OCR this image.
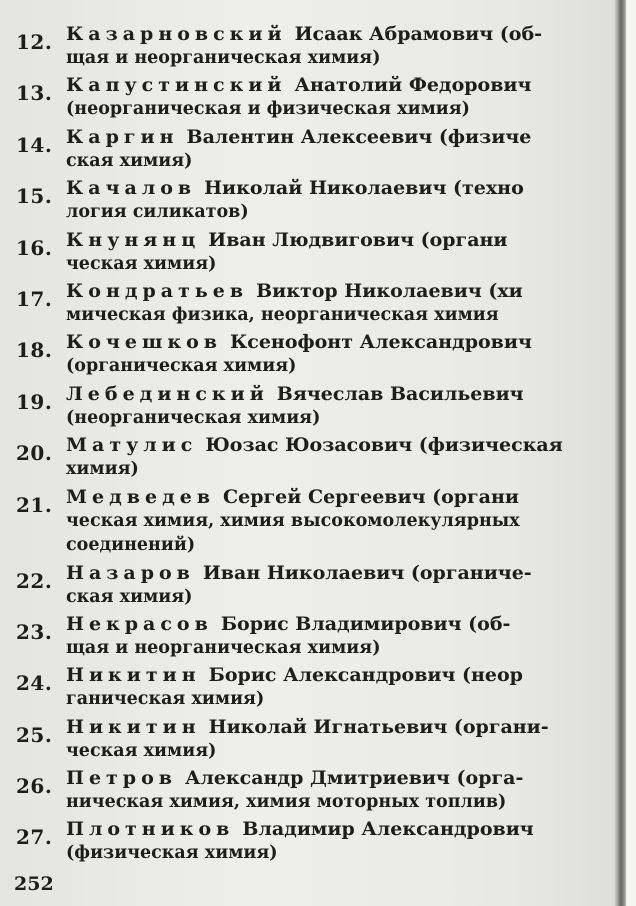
12. Казарновский Исаак Абрамович (об-
щая и неорганическая химия)
13. Капустинский Анатолий Федорович
(неорганическая и физическая химия)
14. Каргин Валентин Алексеевич (физиче
ская химия)
15. Качалов Николай Николаевич (техно
логия силикатов)
16. Кнунянц Иван Людвигович (органи
ческая химия)
17. Кондратьев Виктор Николаевич (хи
мическая физика, неорганическая химия
18. Кочешков Ксенофонт Александрович
(органическая химия)
19. Лебединский Вячеслав Васильевич
(неорганическая химия)
20. Матулис Юозас Юозасович (физическая
химия)
21. Медведев Сергей Сергеевич (органи
ческая химия, химия высокомолекулярных
соединений)
22. Назаров Иван Николаевич (органиче-
ская химия)
23. Некрасов Борис Владимирович (об-
щая и неорганическая химия)
24. Никитин Борис Александрович (неор
ганическая химия)
25. Никитин Николай Игнатьевич (органи-
ческая химия)
26. Петров Александр Дмитриевич (орга-
ническая химия, химия моторных топлив)
27. Плотников Владимир Александрович
(физическая химия)
252
